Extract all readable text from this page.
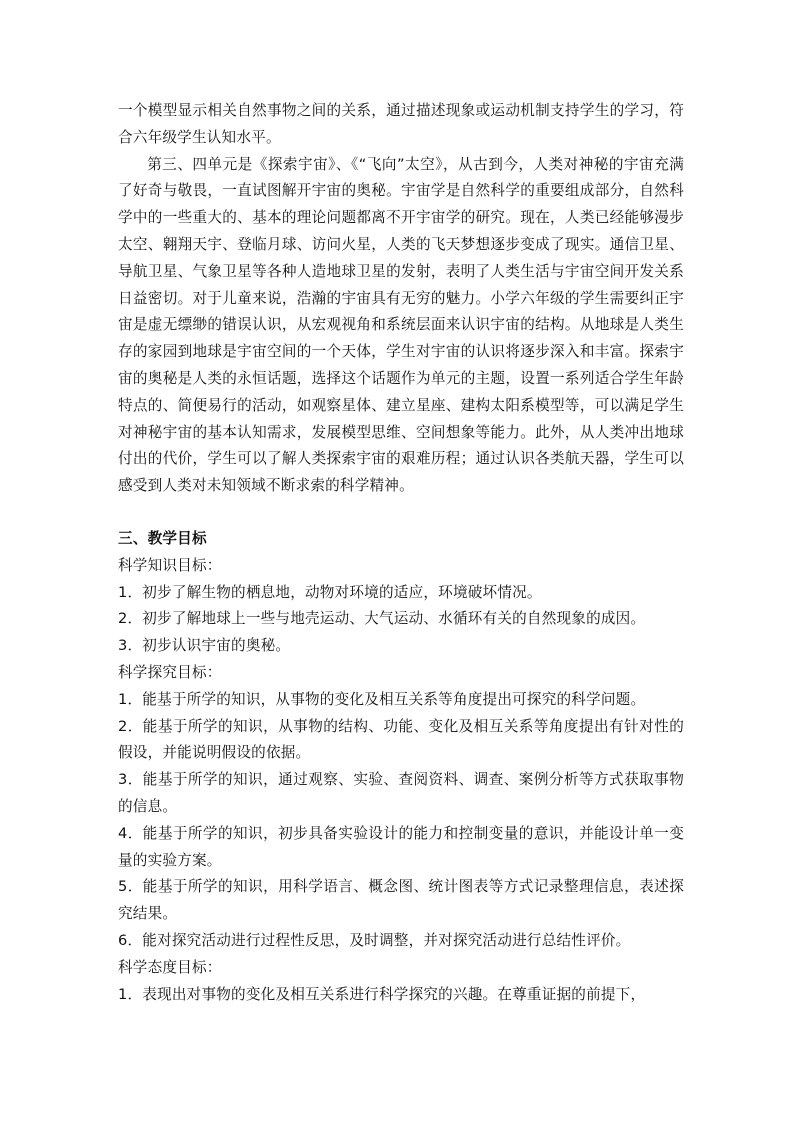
一个模型显示相关自然事物之间的关系，通过描述现象或运动机制支持学生的学习，符合六年级学生认知水平。

第三、四单元是《探索宇宙》、《“飞向”太空》，从古到今，人类对神秘的宇宙充满了好奇与敬畏，一直试图解开宇宙的奥秘。宇宙学是自然科学的重要组成部分，自然科学中的一些重大的、基本的理论问题都离不开宇宙学的研究。现在，人类已经能够漫步太空、翱翔天宇、登临月球、访问火星，人类的飞天梦想逐步变成了现实。通信卫星、导航卫星、气象卫星等各种人造地球卫星的发射，表明了人类生活与宇宙空间开发关系日益密切。对于儿童来说，浩瀚的宇宙具有无穷的魅力。小学六年级的学生需要纠正宇宙是虚无缥缈的错误认识，从宏观视角和系统层面来认识宇宙的结构。从地球是人类生存的家园到地球是宇宙空间的一个天体，学生对宇宙的认识将逐步深入和丰富。探索宇宙的奥秘是人类的永恒话题，选择这个话题作为单元的主题，设置一系列适合学生年龄特点的、简便易行的活动，如观察星体、建立星座、建构太阳系模型等，可以满足学生对神秘宇宙的基本认知需求，发展模型思维、空间想象等能力。此外，从人类冲出地球付出的代价，学生可以了解人类探索宇宙的艰难历程；通过认识各类航天器，学生可以感受到人类对未知领域不断求索的科学精神。

三、教学目标

科学知识目标：

1．初步了解生物的栖息地，动物对环境的适应，环境破坏情况。

2．初步了解地球上一些与地壳运动、大气运动、水循环有关的自然现象的成因。

3．初步认识宇宙的奥秘。

科学探究目标：

1．能基于所学的知识，从事物的变化及相互关系等角度提出可探究的科学问题。

2．能基于所学的知识，从事物的结构、功能、变化及相互关系等角度提出有针对性的假设，并能说明假设的依据。

3．能基于所学的知识，通过观察、实验、查阅资料、调查、案例分析等方式获取事物的信息。

4．能基于所学的知识，初步具备实验设计的能力和控制变量的意识，并能设计单一变量的实验方案。

5．能基于所学的知识，用科学语言、概念图、统计图表等方式记录整理信息，表述探究结果。

6．能对探究活动进行过程性反思，及时调整，并对探究活动进行总结性评价。

科学态度目标：

1．表现出对事物的变化及相互关系进行科学探究的兴趣。在尊重证据的前提下，
